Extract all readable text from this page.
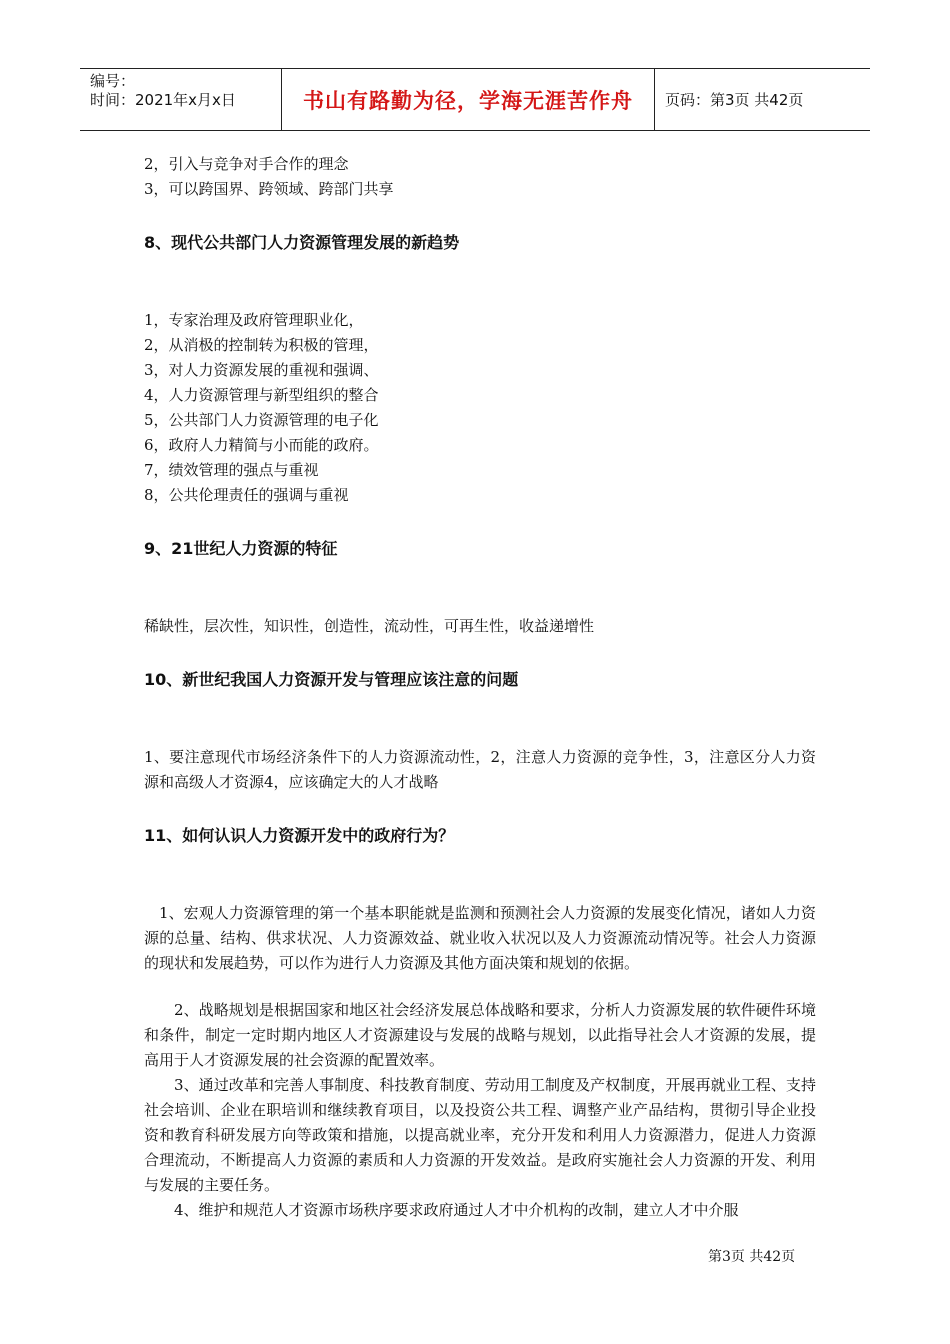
编号：
时间：2021年x月x日	书山有路勤为径，学海无涯苦作舟	页码：第3页 共42页

2，引入与竞争对手合作的理念

3，可以跨国界、跨领域、跨部门共享

8、现代公共部门人力资源管理发展的新趋势

1，专家治理及政府管理职业化，

2，从消极的控制转为积极的管理，

3，对人力资源发展的重视和强调、

4，人力资源管理与新型组织的整合

5，公共部门人力资源管理的电子化

6，政府人力精简与小而能的政府。

7，绩效管理的强点与重视

8，公共伦理责任的强调与重视

9、21世纪人力资源的特征

稀缺性，层次性，知识性，创造性，流动性，可再生性，收益递增性

10、新世纪我国人力资源开发与管理应该注意的问题

1、要注意现代市场经济条件下的人力资源流动性，2，注意人力资源的竞争性，3，注意区分人力资源和高级人才资源4，应该确定大的人才战略

11、如何认识人力资源开发中的政府行为？

1、宏观人力资源管理的第一个基本职能就是监测和预测社会人力资源的发展变化情况，诸如人力资源的总量、结构、供求状况、人力资源效益、就业收入状况以及人力资源流动情况等。社会人力资源的现状和发展趋势，可以作为进行人力资源及其他方面决策和规划的依据。

2、战略规划是根据国家和地区社会经济发展总体战略和要求，分析人力资源发展的软件硬件环境和条件，制定一定时期内地区人才资源建设与发展的战略与规划，以此指导社会人才资源的发展，提高用于人才资源发展的社会资源的配置效率。

3、通过改革和完善人事制度、科技教育制度、劳动用工制度及产权制度，开展再就业工程、支持社会培训、企业在职培训和继续教育项目，以及投资公共工程、调整产业产品结构，贯彻引导企业投资和教育科研发展方向等政策和措施，以提高就业率，充分开发和利用人力资源潜力，促进人力资源合理流动，不断提高人力资源的素质和人力资源的开发效益。是政府实施社会人力资源的开发、利用与发展的主要任务。

4、维护和规范人才资源市场秩序要求政府通过人才中介机构的改制，建立人才中介服

第3页 共42页
